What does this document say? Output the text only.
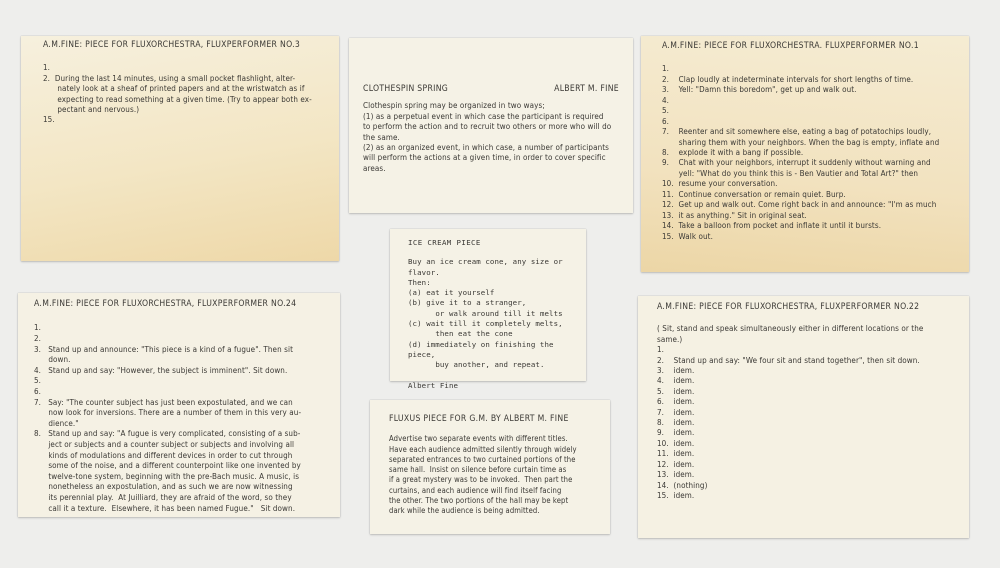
A.M.FINE: PIECE FOR FLUXORCHESTRA, FLUXPERFORMER NO.3
1.
2.  During the last 14 minutes, using a small pocket flashlight, alter-
nately look at a sheaf of printed papers and at the wristwatch as if
expecting to read something at a given time. (Try to appear both ex-
pectant and nervous.)
15.
CLOTHESPIN SPRING	ALBERT M. FINE
Clothespin spring may be organized in two ways;
(1) as a perpetual event in which case the participant is required
to perform the action and to recruit two others or more who will do
the same.
(2) as an organized event, in which case, a number of participants
will perform the actions at a given time, in order to cover specific
areas.
A.M.FINE: PIECE FOR FLUXORCHESTRA. FLUXPERFORMER NO.1
1.
2.    Clap loudly at indeterminate intervals for short lengths of time.
3.    Yell: "Damn this boredom", get up and walk out.
4.
5.
6.
7.    Reenter and sit somewhere else, eating a bag of potatochips loudly,
sharing them with your neighbors. When the bag is empty, inflate and
8.    explode it with a bang if possible.
9.    Chat with your neighbors, interrupt it suddenly without warning and
yell: "What do you think this is - Ben Vautier and Total Art?" then
10.  resume your conversation.
11.  Continue conversation or remain quiet. Burp.
12.  Get up and walk out. Come right back in and announce: "I'm as much
13.  it as anything." Sit in original seat.
14.  Take a balloon from pocket and inflate it until it bursts.
15.  Walk out.
ICE CREAM PIECE
Buy an ice cream cone, any size or flavor.
Then:
(a) eat it yourself
(b) give it to a stranger,
or walk around till it melts
(c) wait till it completely melts,
then eat the cone
(d) immediately on finishing the piece,
buy another, and repeat.
Albert Fine
A.M.FINE: PIECE FOR FLUXORCHESTRA, FLUXPERFORMER NO.24
1.
2.
3.   Stand up and announce: "This piece is a kind of a fugue". Then sit
down.
4.   Stand up and say: "However, the subject is imminent". Sit down.
5.
6.
7.   Say: "The counter subject has just been expostulated, and we can
now look for inversions. There are a number of them in this very au-
dience."
8.   Stand up and say: "A fugue is very complicated, consisting of a sub-
ject or subjects and a counter subject or subjects and involving all
kinds of modulations and different devices in order to cut through
some of the noise, and a different counterpoint like one invented by
twelve-tone system, beginning with the pre-Bach music. A music, is
nonetheless an expostulation, and as such we are now witnessing
its perennial play.  At Juilliard, they are afraid of the word, so they
call it a texture.  Elsewhere, it has been named Fugue."   Sit down.
FLUXUS PIECE FOR G.M. BY ALBERT M. FINE
Advertise two separate events with different titles.
Have each audience admitted silently through widely
separated entrances to two curtained portions of the
same hall.  Insist on silence before curtain time as
if a great mystery was to be invoked.  Then part the
curtains, and each audience will find itself facing
the other. The two portions of the hall may be kept
dark while the audience is being admitted.
A.M.FINE: PIECE FOR FLUXORCHESTRA, FLUXPERFORMER NO.22
( Sit, stand and speak simultaneously either in different locations or the
same.)
1.
2.    Stand up and say: "We four sit and stand together", then sit down.
3.    idem.
4.    idem.
5.    idem.
6.    idem.
7.    idem.
8.    idem.
9.    idem.
10.  idem.
11.  idem.
12.  idem.
13.  idem.
14.  (nothing)
15.  idem.
